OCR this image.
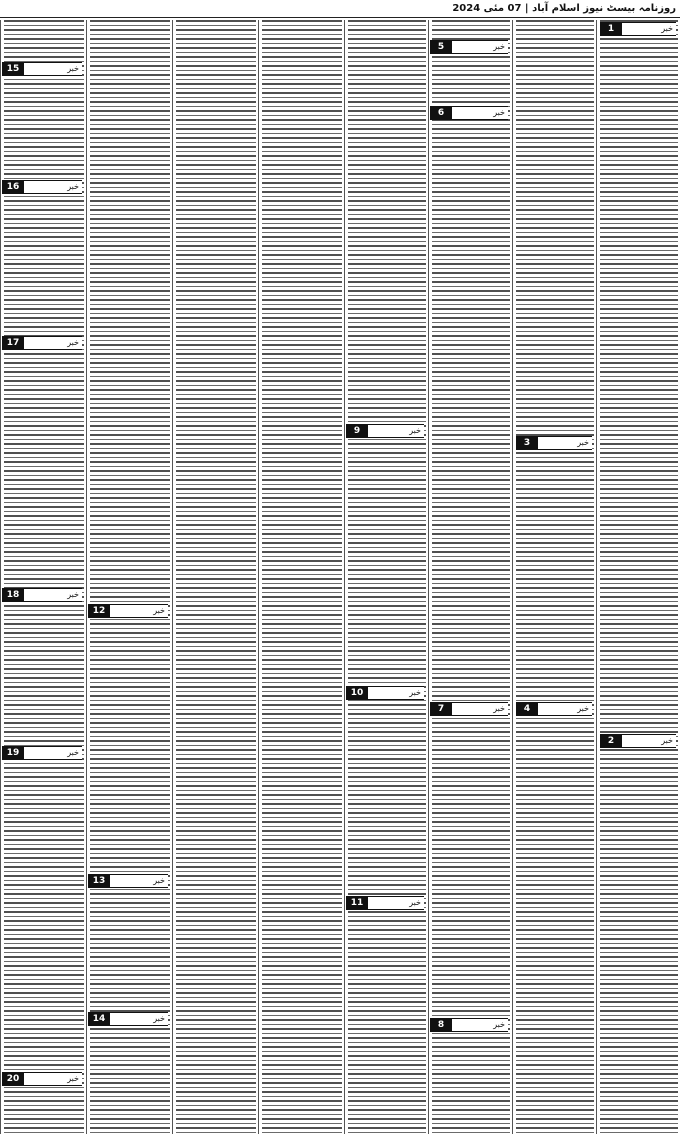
روزنامہ بیسٹ نیوز اسلام آباد | 07 مئی 2024
1	خبر
2	خبر
3	خبر
4	خبر
5	خبر
6	خبر
7	خبر
8	خبر
9	خبر
10	خبر
11	خبر
12	خبر
13	خبر
14	خبر
15	خبر
16	خبر
17	خبر
18	خبر
19	خبر
20	خبر
